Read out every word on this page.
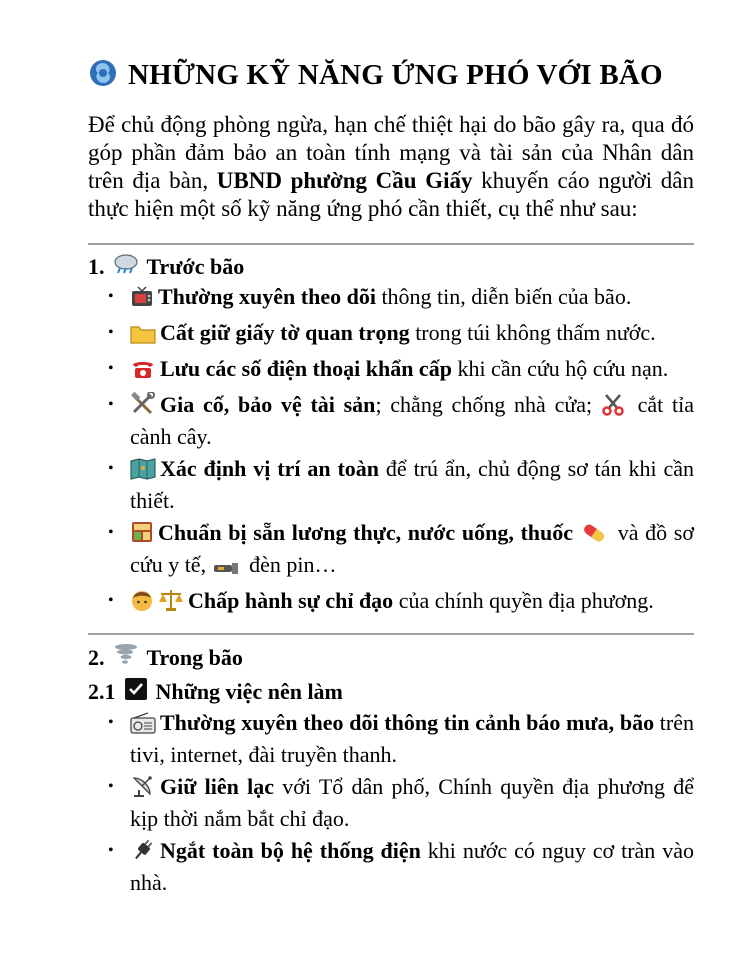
NHỮNG KỸ NĂNG ỨNG PHÓ VỚI BÃO

Để chủ động phòng ngừa, hạn chế thiệt hại do bão gây ra, qua đó góp phần đảm bảo an toàn tính mạng và tài sản của Nhân dân trên địa bàn, UBND phường Cầu Giấy khuyến cáo người dân thực hiện một số kỹ năng ứng phó cần thiết, cụ thể như sau:

1. Trước bão
• Thường xuyên theo dõi thông tin, diễn biến của bão.
• Cất giữ giấy tờ quan trọng trong túi không thấm nước.
• Lưu các số điện thoại khẩn cấp khi cần cứu hộ cứu nạn.
• Gia cố, bảo vệ tài sản; chằng chống nhà cửa;  cắt tỉa cành cây.
• Xác định vị trí an toàn để trú ẩn, chủ động sơ tán khi cần thiết.
• Chuẩn bị sẵn lương thực, nước uống, thuốc và đồ sơ cứu y tế,  đèn pin…
•	Chấp hành sự chỉ đạo của chính quyền địa phương.
2. Trong bão
2.1 Những việc nên làm
• Thường xuyên theo dõi thông tin cảnh báo mưa, bão trên tivi, internet, đài truyền thanh.
• Giữ liên lạc với Tổ dân phố, Chính quyền địa phương để kịp thời nắm bắt chỉ đạo.
• Ngắt toàn bộ hệ thống điện khi nước có nguy cơ tràn vào nhà.
